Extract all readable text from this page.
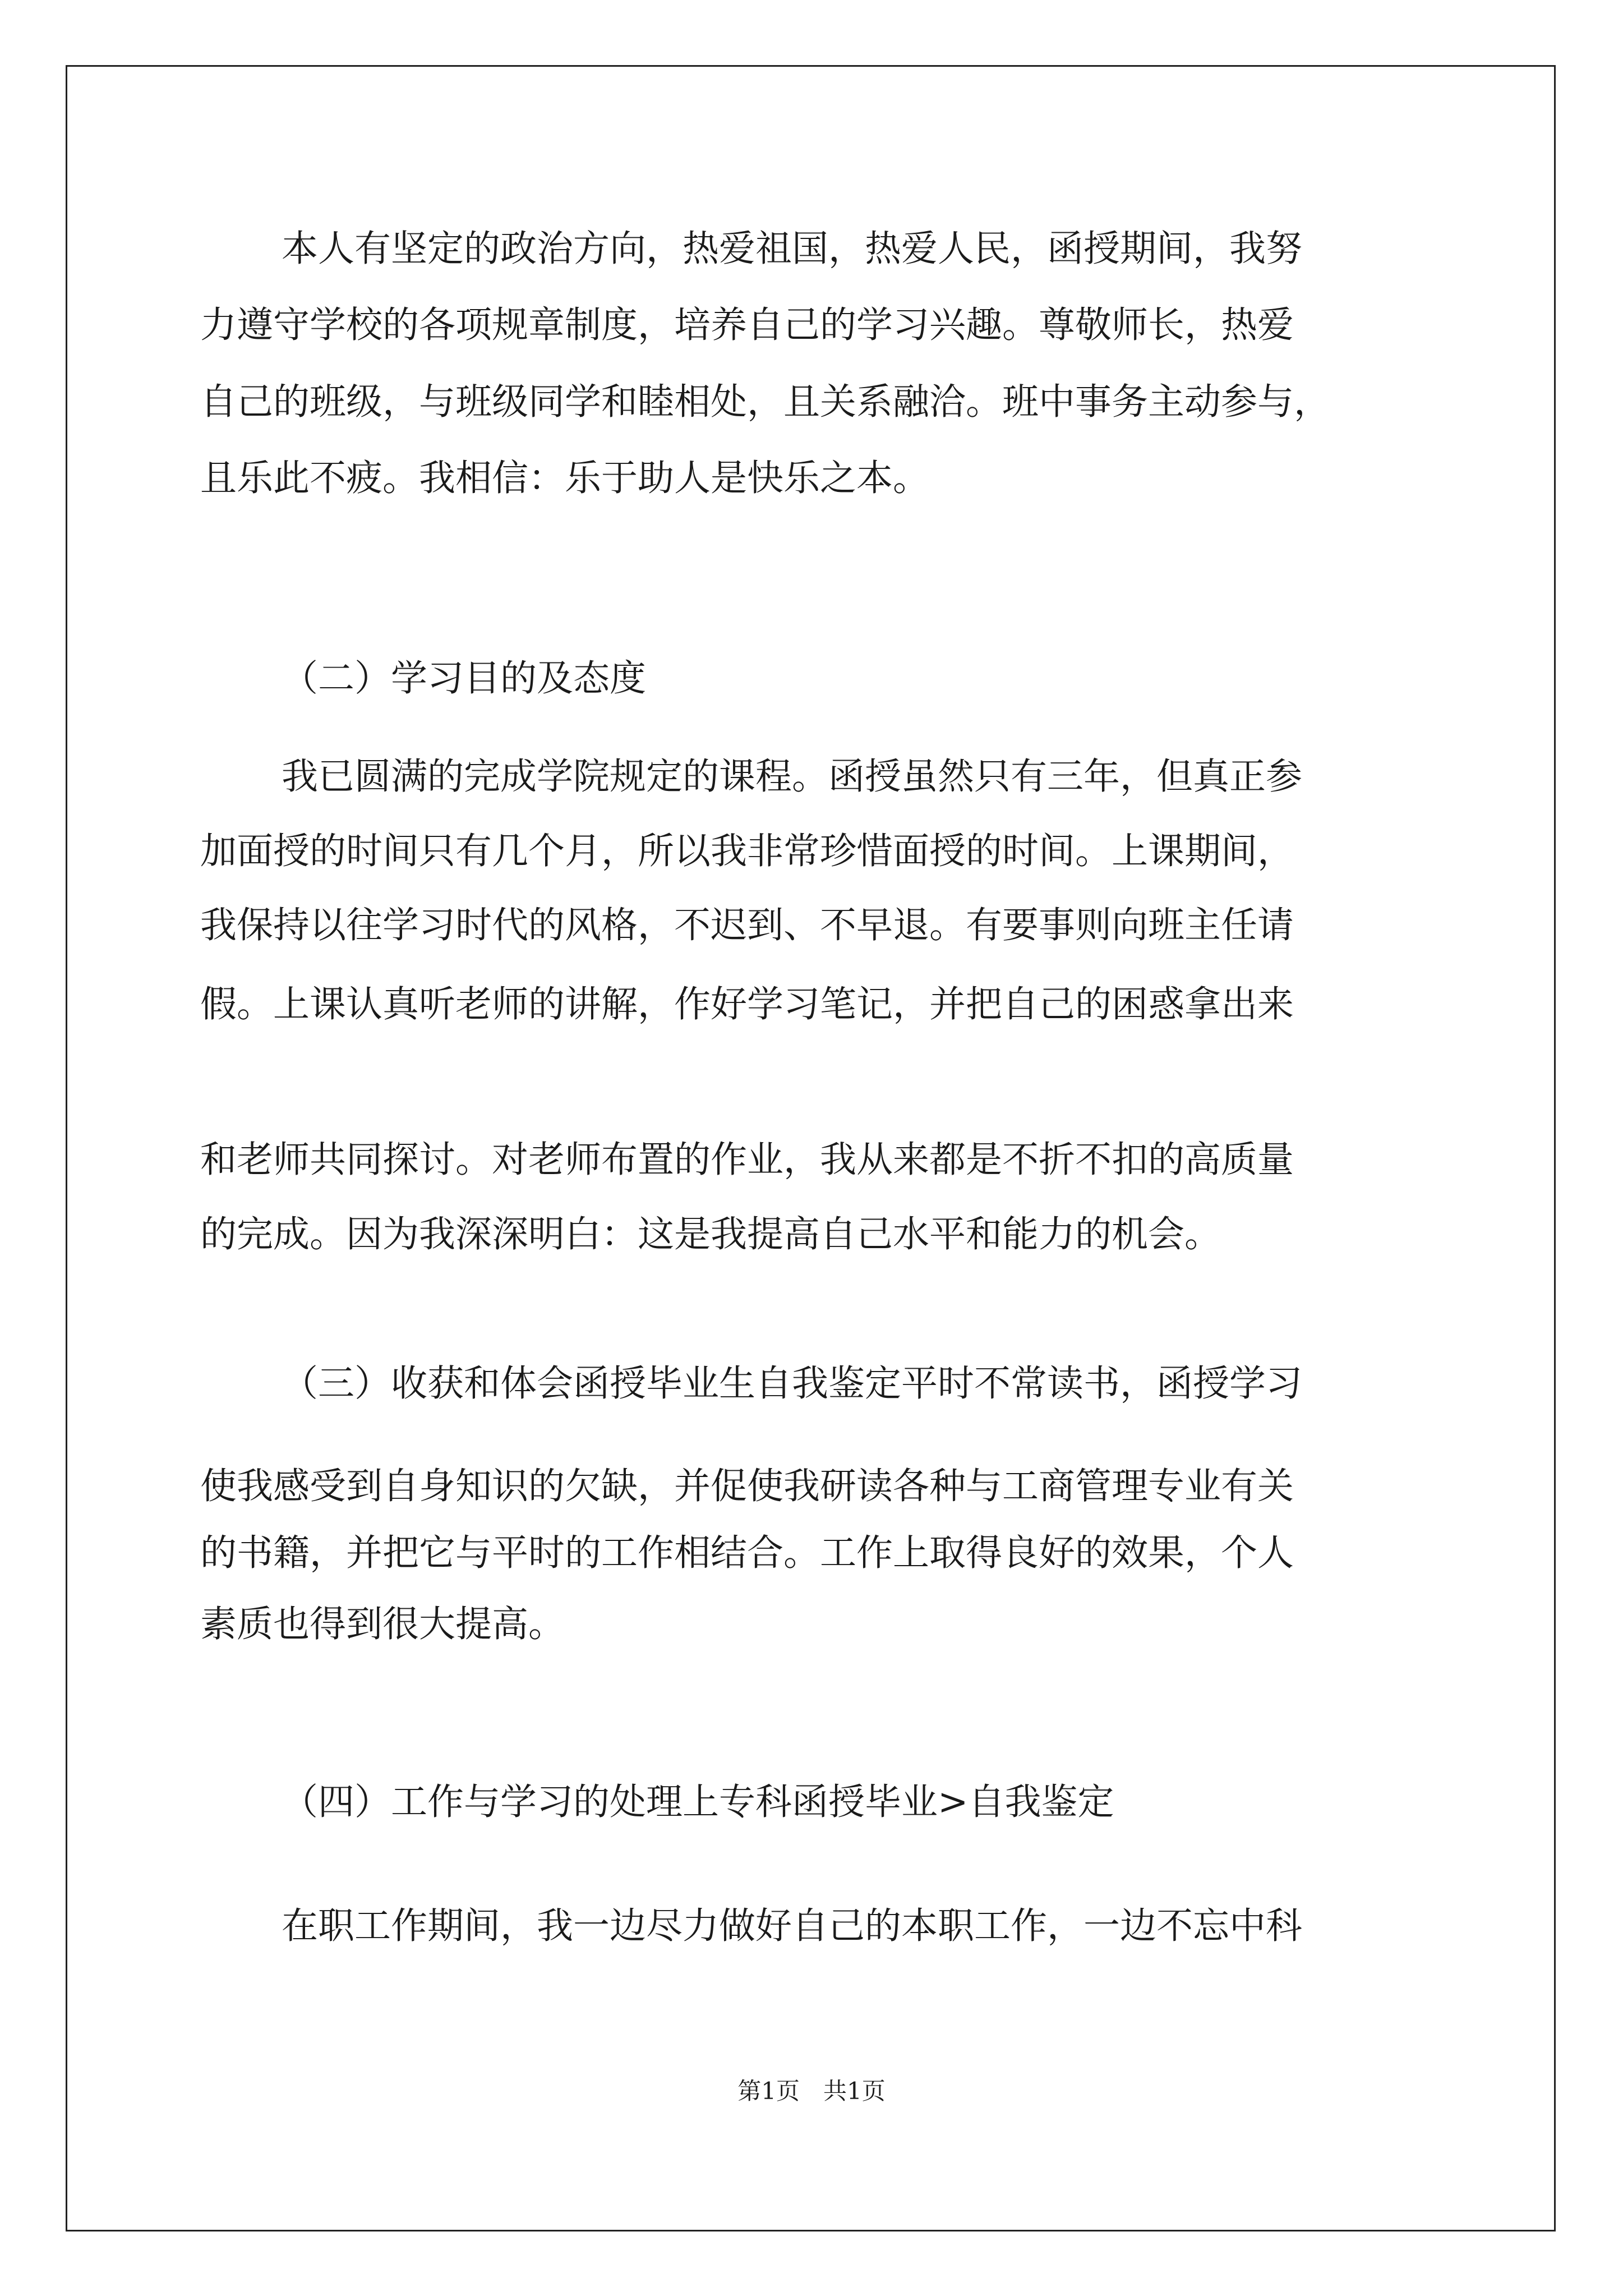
本人有坚定的政治方向，热爱祖国，热爱人民，函授期间，我努
力遵守学校的各项规章制度，培养自己的学习兴趣。尊敬师长，热爱
自己的班级，与班级同学和睦相处，且关系融洽。班中事务主动参与，
且乐此不疲。我相信：乐于助人是快乐之本。
（二）学习目的及态度
我已圆满的完成学院规定的课程。函授虽然只有三年，但真正参
加面授的时间只有几个月，所以我非常珍惜面授的时间。上课期间，
我保持以往学习时代的风格，不迟到、不早退。有要事则向班主任请
假。上课认真听老师的讲解，作好学习笔记，并把自己的困惑拿出来
和老师共同探讨。对老师布置的作业，我从来都是不折不扣的高质量
的完成。因为我深深明白：这是我提高自己水平和能力的机会。
（三）收获和体会函授毕业生自我鉴定平时不常读书，函授学习
使我感受到自身知识的欠缺，并促使我研读各种与工商管理专业有关
的书籍，并把它与平时的工作相结合。工作上取得良好的效果，个人
素质也得到很大提高。
（四）工作与学习的处理上专科函授毕业>自我鉴定
在职工作期间，我一边尽力做好自己的本职工作，一边不忘中科
第1页　共1页
